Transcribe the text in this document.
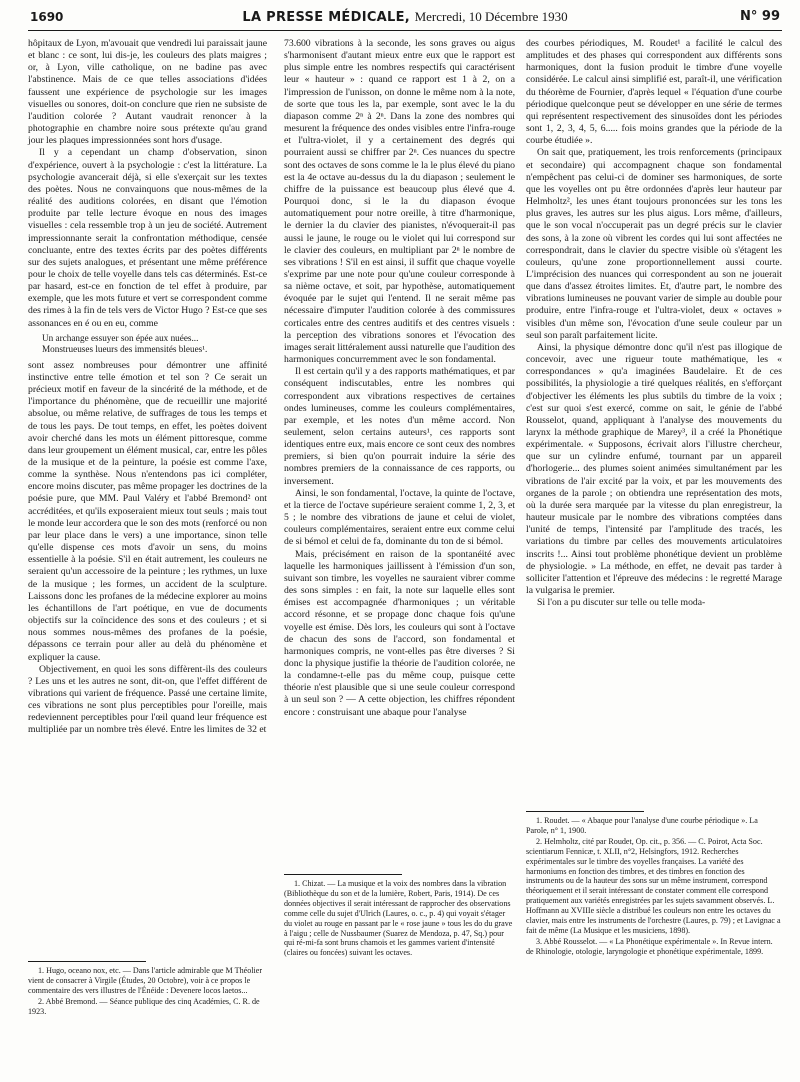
1690	LA PRESSE MÉDICALE, Mercredi, 10 Décembre 1930	N° 99

hôpitaux de Lyon, m'avouait que vendredi lui paraissait jaune et blanc : ce sont, lui dis-je, les couleurs des plats maigres ; or, à Lyon, ville catholique, on ne badine pas avec l'abstinence. Mais de ce que telles associations d'idées faussent une expérience de psychologie sur les images visuelles ou sonores, doit-on conclure que rien ne subsiste de l'audition colorée ? Autant vaudrait renoncer à la photographie en chambre noire sous prétexte qu'au grand jour les plaques impressionnées sont hors d'usage.

Il y a cependant un champ d'observation, sinon d'expérience, ouvert à la psychologie : c'est la littérature. La psychologie avancerait déjà, si elle s'exerçait sur les textes des poètes. Nous ne convainquons que nous-mêmes de la réalité des auditions colorées, en disant que l'émotion produite par telle lecture évoque en nous des images visuelles : cela ressemble trop à un jeu de société. Autrement impressionnante serait la confrontation méthodique, censée concluante, entre des textes écrits par des poètes différents sur des sujets analogues, et présentant une même préférence pour le choix de telle voyelle dans tels cas déterminés. Est-ce par hasard, est-ce en fonction de tel effet à produire, par exemple, que les mots future et vert se correspondent comme des rimes à la fin de tels vers de Victor Hugo ? Est-ce que ses assonances en é ou en eu, comme

Un archange essuyer son épée aux nuées...
Monstrueuses lueurs des immensités bleues¹.

sont assez nombreuses pour démontrer une affinité instinctive entre telle émotion et tel son ? Ce serait un précieux motif en faveur de la sincérité de la méthode, et de l'importance du phénomène, que de recueillir une majorité absolue, ou même relative, de suffrages de tous les temps et de tous les pays. De tout temps, en effet, les poètes doivent avoir cherché dans les mots un élément pittoresque, comme dans leur groupement un élément musical, car, entre les pôles de la musique et de la peinture, la poésie est comme l'axe, comme la synthèse. Nous n'entendons pas ici compléter, encore moins discuter, pas même propager les doctrines de la poésie pure, que MM. Paul Valéry et l'abbé Bremond² ont accréditées, et qu'ils exposeraient mieux tout seuls ; mais tout le monde leur accordera que le son des mots (renforcé ou non par leur place dans le vers) a une importance, sinon telle qu'elle dispense ces mots d'avoir un sens, du moins essentielle à la poésie. S'il en était autrement, les couleurs ne seraient qu'un accessoire de la peinture ; les rythmes, un luxe de la musique ; les formes, un accident de la sculpture. Laissons donc les profanes de la médecine explorer au moins les échantillons de l'art poétique, en vue de documents objectifs sur la coïncidence des sons et des couleurs ; et si nous sommes nous-mêmes des profanes de la poésie, dépassons ce terrain pour aller au delà du phénomène et expliquer la cause.

Objectivement, en quoi les sons diffèrent-ils des couleurs ? Les uns et les autres ne sont, dit-on, que l'effet différent de vibrations qui varient de fréquence. Passé une certaine limite, ces vibrations ne sont plus perceptibles pour l'oreille, mais redeviennent perceptibles pour l'œil quand leur fréquence est multipliée par un nombre très élevé. Entre les limites de 32 et

1. Hugo, oceano nox, etc. — Dans l'article admirable que M Théolier vient de consacrer à Virgile (Études, 20 Octobre), voir à ce propos le commentaire des vers illustres de l'Énéide : Devenere locos laetos...

2. Abbé Bremond. — Séance publique des cinq Académies, C. R. de 1923.

73.600 vibrations à la seconde, les sons graves ou aigus s'harmonisent d'autant mieux entre eux que le rapport est plus simple entre les nombres respectifs qui caractérisent leur « hauteur » : quand ce rapport est 1 à 2, on a l'impression de l'unisson, on donne le même nom à la note, de sorte que tous les la, par exemple, sont avec le la du diapason comme 2ⁿ à 2ⁿ. Dans la zone des nombres qui mesurent la fréquence des ondes visibles entre l'infra-rouge et l'ultra-violet, il y a certainement des degrés qui pourraient aussi se chiffrer par 2ⁿ. Ces nuances du spectre sont des octaves de sons comme le la le plus élevé du piano est la 4e octave au-dessus du la du diapason ; seulement le chiffre de la puissance est beaucoup plus élevé que 4. Pourquoi donc, si le la du diapason évoque automatiquement pour notre oreille, à titre d'harmonique, le dernier la du clavier des pianistes, n'évoquerait-il pas aussi le jaune, le rouge ou le violet qui lui correspond sur le clavier des couleurs, en multipliant par 2ⁿ le nombre de ses vibrations ! S'il en est ainsi, il suffit que chaque voyelle s'exprime par une note pour qu'une couleur corresponde à sa nième octave, et soit, par hypothèse, automatiquement évoquée par le sujet qui l'entend. Il ne serait même pas nécessaire d'imputer l'audition colorée à des commissures corticales entre des centres auditifs et des centres visuels : la perception des vibrations sonores et l'évocation des images serait littéralement aussi naturelle que l'audition des harmoniques concurremment avec le son fondamental.

Il est certain qu'il y a des rapports mathématiques, et par conséquent indiscutables, entre les nombres qui correspondent aux vibrations respectives de certaines ondes lumineuses, comme les couleurs complémentaires, par exemple, et les notes d'un même accord. Non seulement, selon certains auteurs¹, ces rapports sont identiques entre eux, mais encore ce sont ceux des nombres premiers, si bien qu'on pourrait induire la série des nombres premiers de la connaissance de ces rapports, ou inversement.

Ainsi, le son fondamental, l'octave, la quinte de l'octave, et la tierce de l'octave supérieure seraient comme 1, 2, 3, et 5 ; le nombre des vibrations de jaune et celui de violet, couleurs complémentaires, seraient entre eux comme celui de si bémol et celui de fa, dominante du ton de si bémol.

Mais, précisément en raison de la spontanéité avec laquelle les harmoniques jaillissent à l'émission d'un son, suivant son timbre, les voyelles ne sauraient vibrer comme des sons simples : en fait, la note sur laquelle elles sont émises est accompagnée d'harmoniques ; un véritable accord résonne, et se propage donc chaque fois qu'une voyelle est émise. Dès lors, les couleurs qui sont à l'octave de chacun des sons de l'accord, son fondamental et harmoniques compris, ne vont-elles pas être diverses ? Si donc la physique justifie la théorie de l'audition colorée, ne la condamne-t-elle pas du même coup, puisque cette théorie n'est plausible que si une seule couleur correspond à un seul son ? — A cette objection, les chiffres répondent encore : construisant une abaque pour l'analyse

1. Chizat. — La musique et la voix des nombres dans la vibration (Bibliothèque du son et de la lumière, Robert, Paris, 1914). De ces données objectives il serait intéressant de rapprocher des observations comme celle du sujet d'Ulrich (Laures, o. c., p. 4) qui voyait s'étager du violet au rouge en passant par le « rose jaune » tous les do du grave à l'aigu ; celle de Nussbaumer (Suarez de Mendoza, p. 47, Sq.) pour qui ré-mi-fa sont bruns chamois et les gammes varient d'intensité (claires ou foncées) suivant les octaves.

des courbes périodiques, M. Roudet¹ a facilité le calcul des amplitudes et des phases qui correspondent aux différents sons harmoniques, dont la fusion produit le timbre d'une voyelle considérée. Le calcul ainsi simplifié est, paraît-il, une vérification du théorème de Fournier, d'après lequel « l'équation d'une courbe périodique quelconque peut se développer en une série de termes qui représentent respectivement des sinusoïdes dont les périodes sont 1, 2, 3, 4, 5, 6..... fois moins grandes que la période de la courbe étudiée ».

On sait que, pratiquement, les trois renforcements (principaux et secondaire) qui accompagnent chaque son fondamental n'empêchent pas celui-ci de dominer ses harmoniques, de sorte que les voyelles ont pu être ordonnées d'après leur hauteur par Helmholtz², les unes étant toujours prononcées sur les tons les plus graves, les autres sur les plus aigus. Lors même, d'ailleurs, que le son vocal n'occuperait pas un degré précis sur le clavier des sons, à la zone où vibrent les cordes qui lui sont affectées ne correspondrait, dans le clavier du spectre visible où s'étagent les couleurs, qu'une zone proportionnellement aussi courte. L'imprécision des nuances qui correspondent au son ne jouerait que dans d'assez étroites limites. Et, d'autre part, le nombre des vibrations lumineuses ne pouvant varier de simple au double pour produire, entre l'infra-rouge et l'ultra-violet, deux « octaves » visibles d'un même son, l'évocation d'une seule couleur par un seul son paraît parfaitement licite.

Ainsi, la physique démontre donc qu'il n'est pas illogique de concevoir, avec une rigueur toute mathématique, les « correspondances » qu'a imaginées Baudelaire. Et de ces possibilités, la physiologie a tiré quelques réalités, en s'efforçant d'objectiver les éléments les plus subtils du timbre de la voix ; c'est sur quoi s'est exercé, comme on sait, le génie de l'abbé Rousselot, quand, appliquant à l'analyse des mouvements du larynx la méthode graphique de Marey³, il a créé la Phonétique expérimentale. « Supposons, écrivait alors l'illustre chercheur, que sur un cylindre enfumé, tournant par un appareil d'horlogerie... des plumes soient animées simultanément par les vibrations de l'air excité par la voix, et par les mouvements des organes de la parole ; on obtiendra une représentation des mots, où la durée sera marquée par la vitesse du plan enregistreur, la hauteur musicale par le nombre des vibrations comptées dans l'unité de temps, l'intensité par l'amplitude des tracés, les variations du timbre par celles des mouvements articulatoires inscrits !... Ainsi tout problème phonétique devient un problème de physiologie. » La méthode, en effet, ne devait pas tarder à solliciter l'attention et l'épreuve des médecins : le regretté Marage la vulgarisa le premier.

Si l'on a pu discuter sur telle ou telle moda-

1. Roudet. — « Abaque pour l'analyse d'une courbe périodique ». La Parole, n° 1, 1900.

2. Helmholtz, cité par Roudet, Op. cit., p. 356. — C. Poirot, Acta Soc. scientiarum Fennicæ, t. XLII, n°2, Helsingfors, 1912. Recherches expérimentales sur le timbre des voyelles françaises. La variété des harmoniums en fonction des timbres, et des timbres en fonction des instruments ou de la hauteur des sons sur un même instrument, correspond théoriquement et il serait intéressant de constater comment elle correspond pratiquement aux variétés enregistrées par les sujets savamment observés. L. Hoffmann au XVIIIe siècle a distribué les couleurs non entre les octaves du clavier, mais entre les instruments de l'orchestre (Laures, p. 79) ; et Lavignac a fait de même (La Musique et les musiciens, 1898).

3. Abbé Rousselot. — « La Phonétique expérimentale ». In Revue intern. de Rhinologie, otologie, laryngologie et phonétique expérimentale, 1899.
